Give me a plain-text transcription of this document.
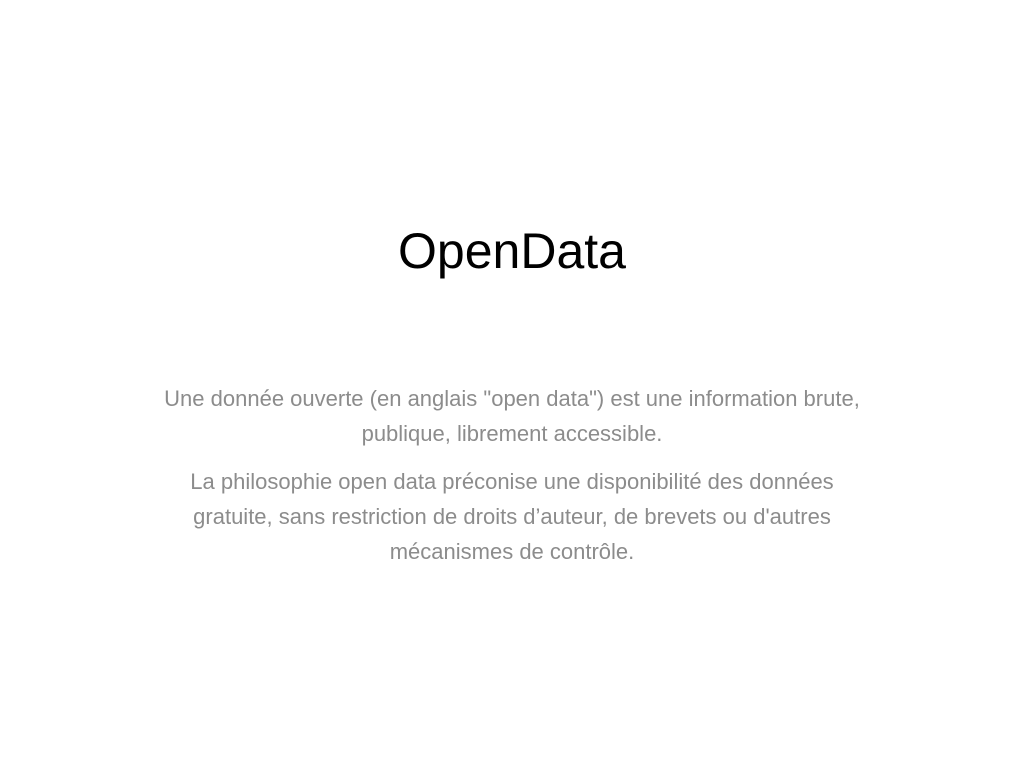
OpenData

Une donnée ouverte (en anglais "open data") est une information brute, publique, librement accessible.

La philosophie open data préconise une disponibilité des données gratuite, sans restriction de droits d’auteur, de brevets ou d'autres mécanismes de contrôle.
